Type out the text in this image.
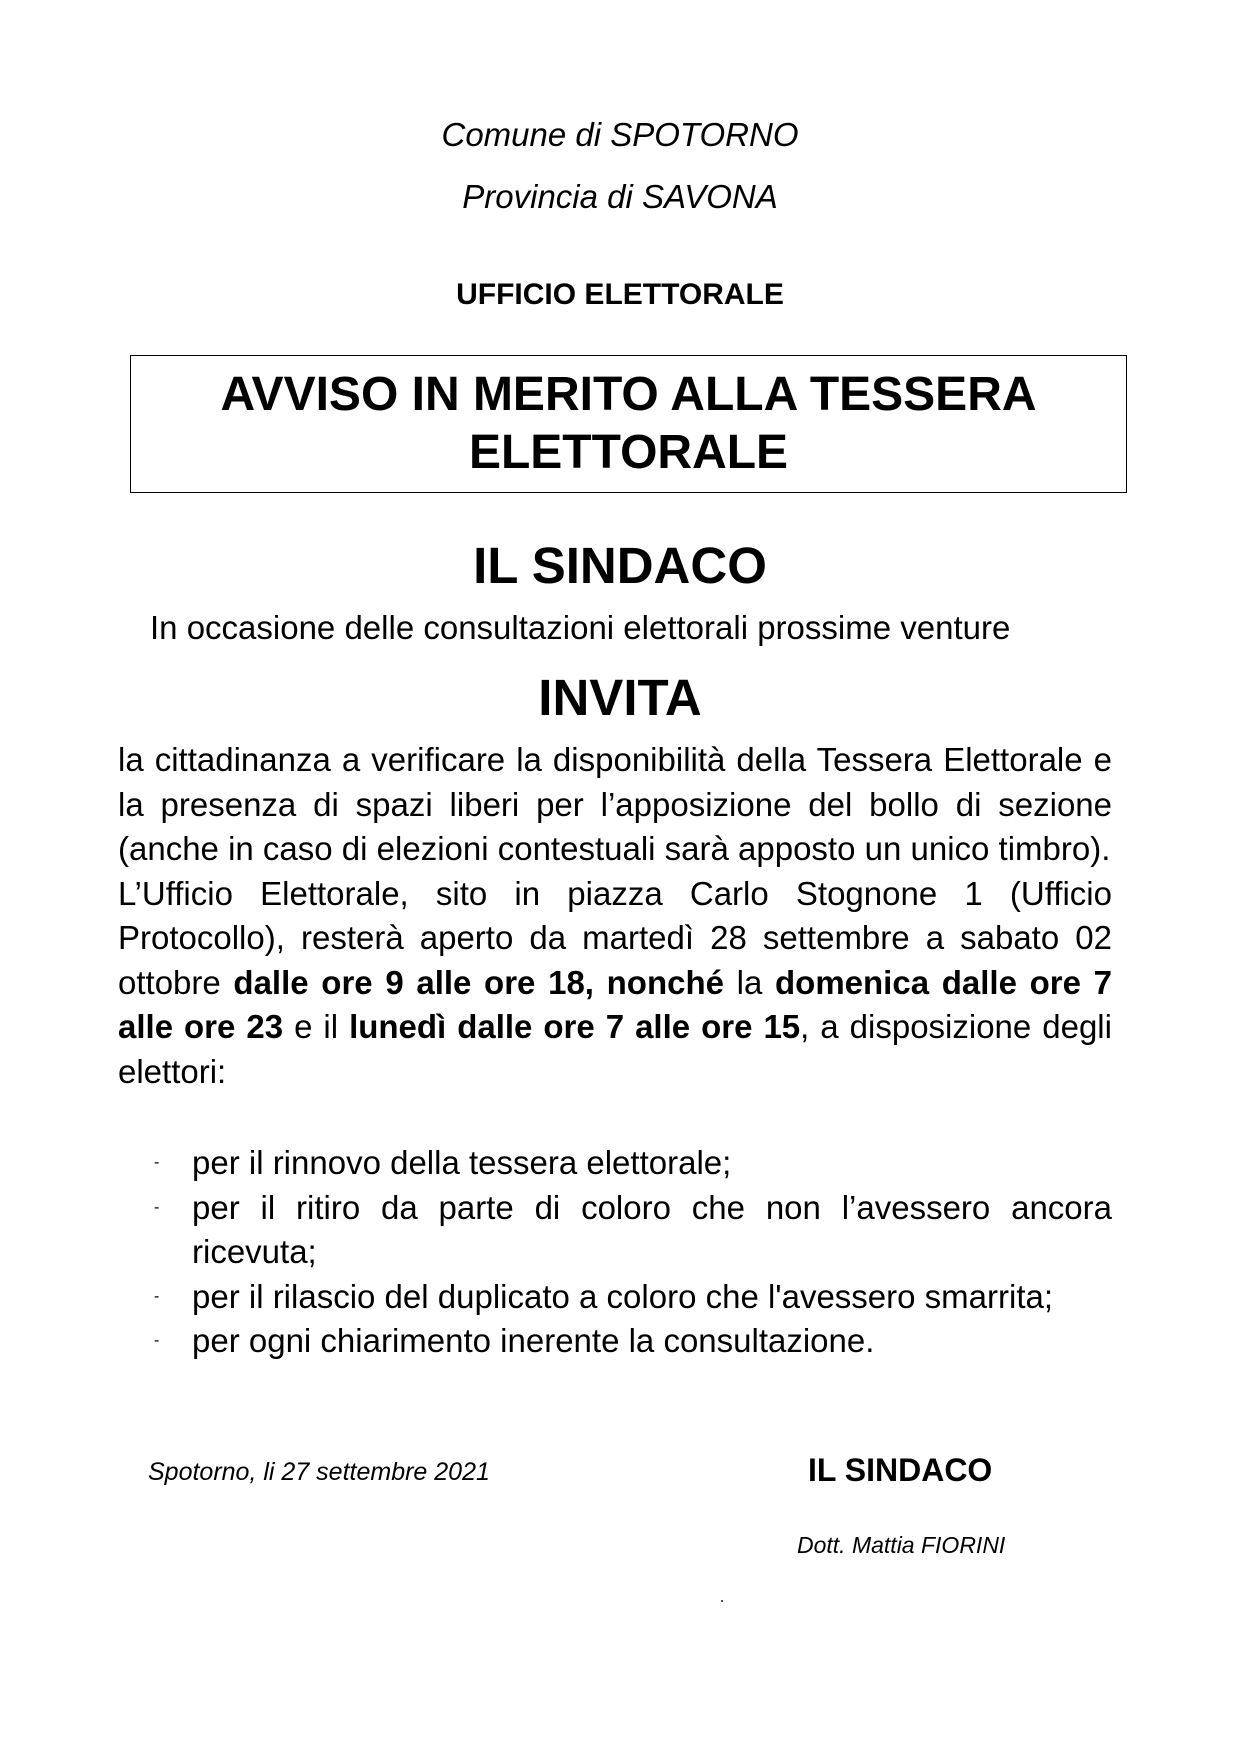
Comune di SPOTORNO
Provincia di SAVONA
UFFICIO ELETTORALE
AVVISO IN MERITO ALLA TESSERA
ELETTORALE
IL SINDACO
In occasione delle consultazioni elettorali prossime venture
INVITA

la cittadinanza a verificare la disponibilità della Tessera Elettorale e la presenza di spazi liberi per l’apposizione del bollo di sezione (anche in caso di elezioni contestuali sarà apposto un unico timbro).

L’Ufficio Elettorale, sito in piazza Carlo Stognone 1 (Ufficio Protocollo), resterà aperto da martedì 28 settembre a sabato 02 ottobre dalle ore 9 alle ore 18, nonché la domenica dalle ore 7 alle ore 23 e il lunedì dalle ore 7 alle ore 15, a disposizione degli elettori:

- per il rinnovo della tessera elettorale;
- per il ritiro da parte di coloro che non l’avessero ancora ricevuta;
- per il rilascio del duplicato a coloro che l'avessero smarrita;
- per ogni chiarimento inerente la consultazione.
Spotorno, li 27 settembre 2021	IL SINDACO
Dott. Mattia FIORINI
